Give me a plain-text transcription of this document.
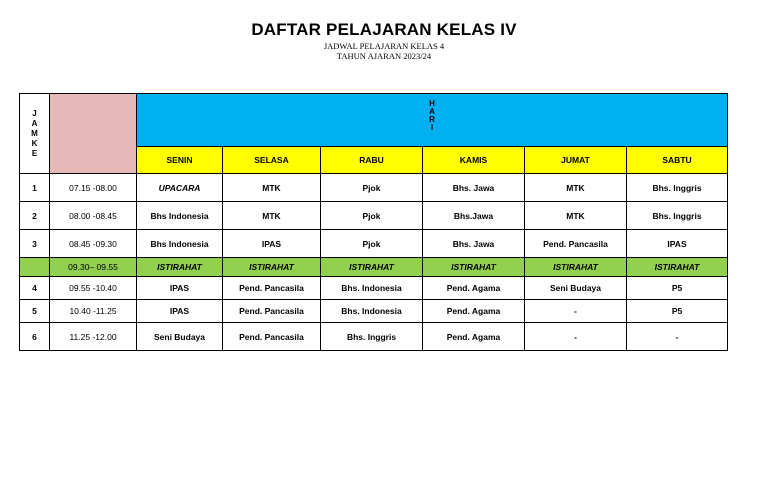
DAFTAR PELAJARAN KELAS IV
JADWAL PELAJARAN KELAS 4
TAHUN AJARAN 2023/24
J
A
M
K
E		H
A
R
I					

		SENIN	SELASA	RABU	KAMIS	JUMAT	SABTU
1	07.15 -08.00	UPACARA	MTK	Pjok	Bhs. Jawa	MTK	Bhs. Inggris
2	08.00 -08.45	Bhs Indonesia	MTK	Pjok	Bhs.Jawa	MTK	Bhs. Inggris
3	08.45 -09.30	Bhs Indonesia	IPAS	Pjok	Bhs. Jawa	Pend. Pancasila	IPAS
	09.30– 09.55	ISTIRAHAT	ISTIRAHAT	ISTIRAHAT	ISTIRAHAT	ISTIRAHAT	ISTIRAHAT
4	09.55 -10.40	IPAS	Pend. Pancasila	Bhs. Indonesia	Pend. Agama	Seni Budaya	P5
5	10.40 -11.25	IPAS	Pend. Pancasila	Bhs. Indonesia	Pend. Agama	-	P5
6	11.25 -12.00	Seni Budaya	Pend. Pancasila	Bhs. Inggris	Pend. Agama	-	-
